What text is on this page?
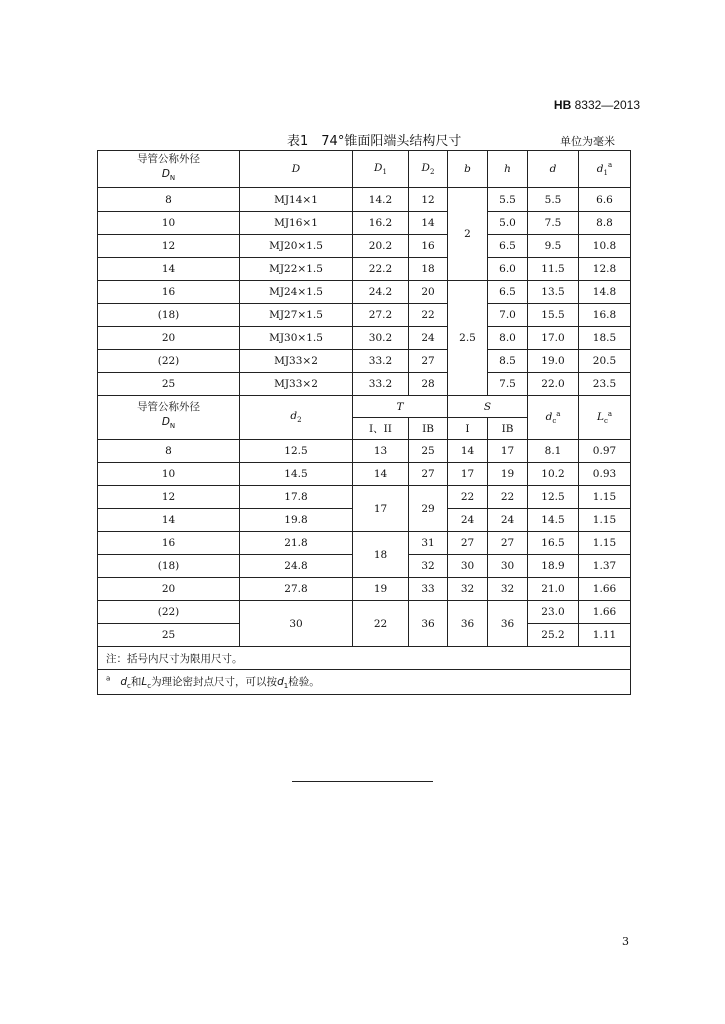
HB 8332—2013
表1　74°锥面阳端头结构尺寸	单位为毫米
导管公称外径
$D_N$	D	$D_1$	$D_2$	b	h	d	$d_1^a$
8	MJ14×1	14.2	12	2	5.5	5.5	6.6
10	MJ16×1	16.2	14		5.0	7.5	8.8
12	MJ20×1.5	20.2	16		6.5	9.5	10.8
14	MJ22×1.5	22.2	18		6.0	11.5	12.8
16	MJ24×1.5	24.2	20	2.5	6.5	13.5	14.8
(18)	MJ27×1.5	27.2	22		7.0	15.5	16.8
20	MJ30×1.5	30.2	24		8.0	17.0	18.5
(22)	MJ33×2	33.2	27		8.5	19.0	20.5
25	MJ33×2	33.2	28		7.5	22.0	23.5

导管公称外径
$D_N$	$d_2$	T		S		$d_c^a$	$L_c^a$
		I、II	IB	I	IB		
8	12.5	13	25	14	17	8.1	0.97
10	14.5	14	27	17	19	10.2	0.93
12	17.8	17	29	22	22	12.5	1.15
14	19.8			24	24	14.5	1.15
16	21.8	18	31	27	27	16.5	1.15
(18)	24.8		32	30	30	18.9	1.37
20	27.8	19	33	32	32	21.0	1.66
(22)	30	22	36	36	36	23.0	1.66
25						25.2	1.11
注：括号内尺寸为限用尺寸。							
$^a$ $d_c$和$L_c$为理论密封点尺寸，可以按$d_1$检验。							
3
